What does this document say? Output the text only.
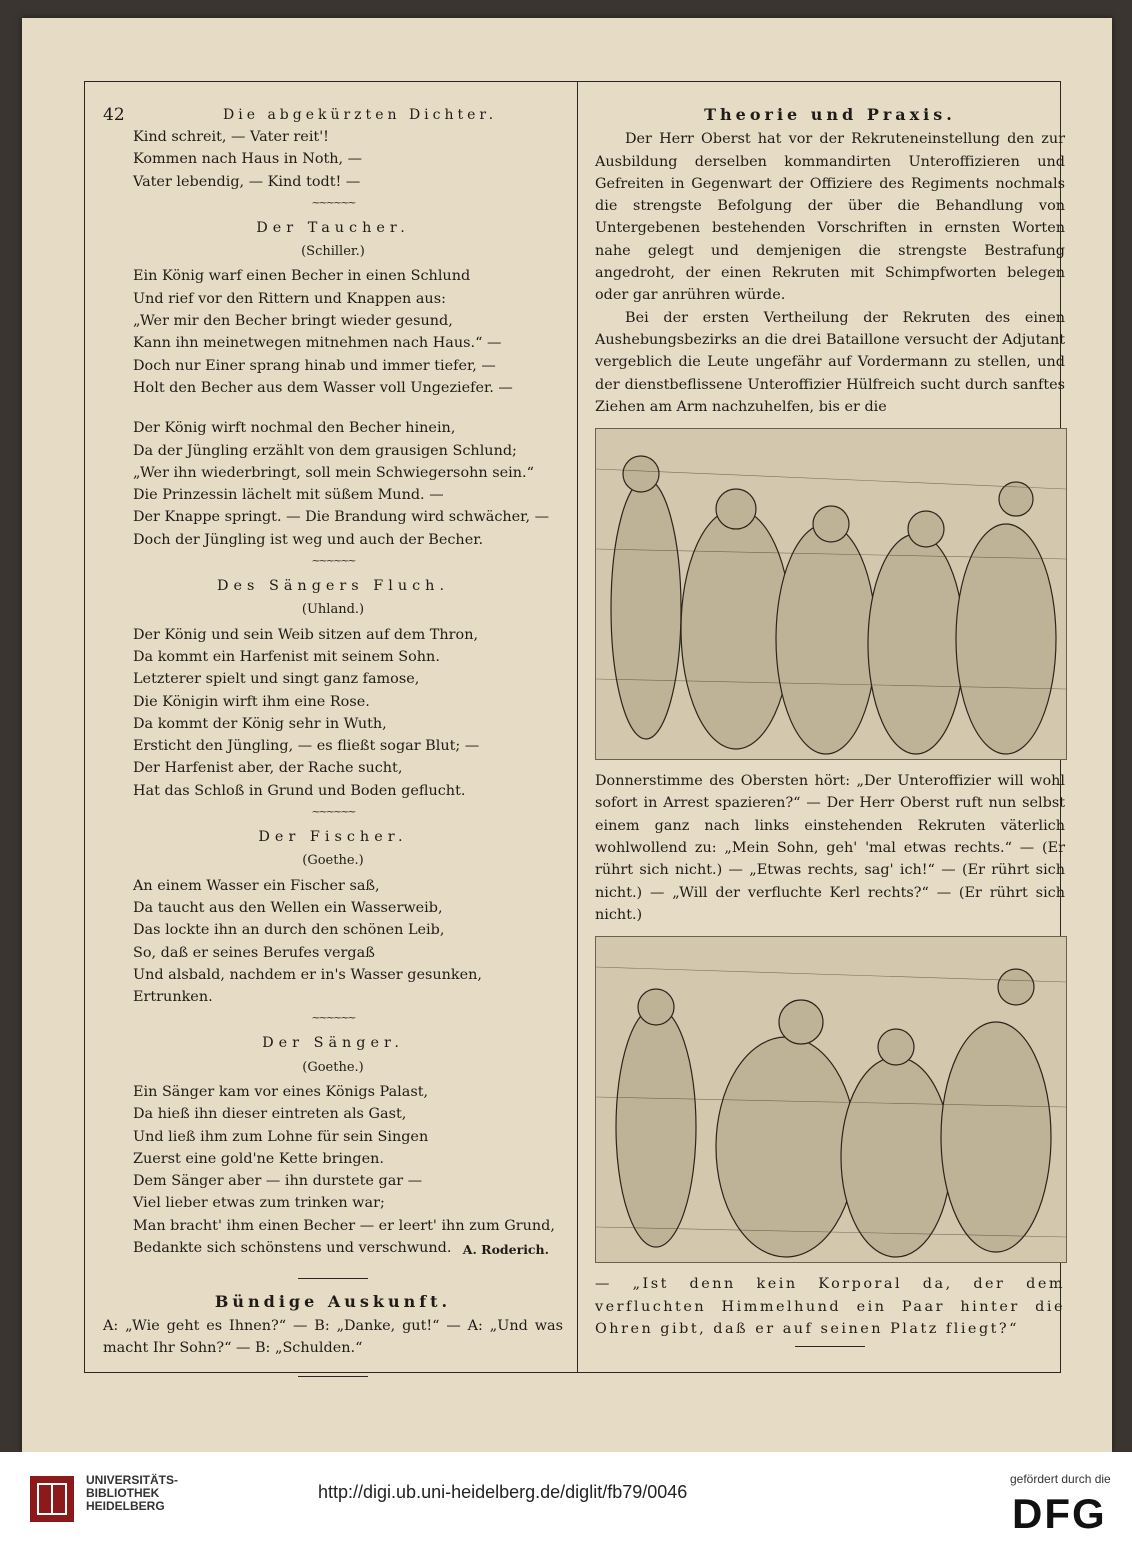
42	Die abgekürzten Dichter.
Kind schreit, — Vater reit'!
Kommen nach Haus in Noth, —
Vater lebendig, — Kind todt! —
~~~~~~
Der Taucher.
(Schiller.)
Ein König warf einen Becher in einen Schlund
Und rief vor den Rittern und Knappen aus:
„Wer mir den Becher bringt wieder gesund,
Kann ihn meinetwegen mitnehmen nach Haus.“ —
Doch nur Einer sprang hinab und immer tiefer, —
Holt den Becher aus dem Wasser voll Ungeziefer. —
Der König wirft nochmal den Becher hinein,
Da der Jüngling erzählt von dem grausigen Schlund;
„Wer ihn wiederbringt, soll mein Schwiegersohn sein.“
Die Prinzessin lächelt mit süßem Mund. —
Der Knappe springt. — Die Brandung wird schwächer, —
Doch der Jüngling ist weg und auch der Becher.
~~~~~~
Des Sängers Fluch.
(Uhland.)
Der König und sein Weib sitzen auf dem Thron,
Da kommt ein Harfenist mit seinem Sohn.
Letzterer spielt und singt ganz famose,
Die Königin wirft ihm eine Rose.
Da kommt der König sehr in Wuth,
Ersticht den Jüngling, — es fließt sogar Blut; —
Der Harfenist aber, der Rache sucht,
Hat das Schloß in Grund und Boden geflucht.
~~~~~~
Der Fischer.
(Goethe.)
An einem Wasser ein Fischer saß,
Da taucht aus den Wellen ein Wasserweib,
Das lockte ihn an durch den schönen Leib,
So, daß er seines Berufes vergaß
Und alsbald, nachdem er in's Wasser gesunken,
Ertrunken.
~~~~~~
Der Sänger.
(Goethe.)
Ein Sänger kam vor eines Königs Palast,
Da hieß ihn dieser eintreten als Gast,
Und ließ ihm zum Lohne für sein Singen
Zuerst eine gold'ne Kette bringen.
Dem Sänger aber — ihn durstete gar —
Viel lieber etwas zum trinken war;
Man bracht' ihm einen Becher — er leert' ihn zum Grund,
Bedankte sich schönstens und verschwund. A. Roderich.
Bündige Auskunft.

A: „Wie geht es Ihnen?“ — B: „Danke, gut!“ — A: „Und was macht Ihr Sohn?“ — B: „Schulden.“

Theorie und Praxis.

Der Herr Oberst hat vor der Rekruteneinstellung den zur Ausbildung derselben kommandirten Unteroffizieren und Gefreiten in Gegenwart der Offiziere des Regiments nochmals die strengste Befolgung der über die Behandlung von Untergebenen bestehenden Vorschriften in ernsten Worten nahe gelegt und demjenigen die strengste Bestrafung angedroht, der einen Rekruten mit Schimpfworten belegen oder gar anrühren würde.

Bei der ersten Vertheilung der Rekruten des einen Aushebungsbezirks an die drei Bataillone versucht der Adjutant vergeblich die Leute ungefähr auf Vordermann zu stellen, und der dienstbeflissene Unteroffizier Hülfreich sucht durch sanftes Ziehen am Arm nachzuhelfen, bis er die

Donnerstimme des Obersten hört: „Der Unteroffizier will wohl sofort in Arrest spazieren?“ — Der Herr Oberst ruft nun selbst einem ganz nach links einstehenden Rekruten väterlich wohlwollend zu: „Mein Sohn, geh' 'mal etwas rechts.“ — (Er rührt sich nicht.) — „Etwas rechts, sag' ich!“ — (Er rührt sich nicht.) — „Will der verfluchte Kerl rechts?“ — (Er rührt sich nicht.)

— „Ist denn kein Korporal da, der dem verfluchten Himmelhund ein Paar hinter die Ohren gibt, daß er auf seinen Platz fliegt?“

UNIVERSITÄTS-
BIBLIOTHEK
HEIDELBERG
http://digi.ub.uni-heidelberg.de/diglit/fb79/0046
gefördert durch die
DFG
